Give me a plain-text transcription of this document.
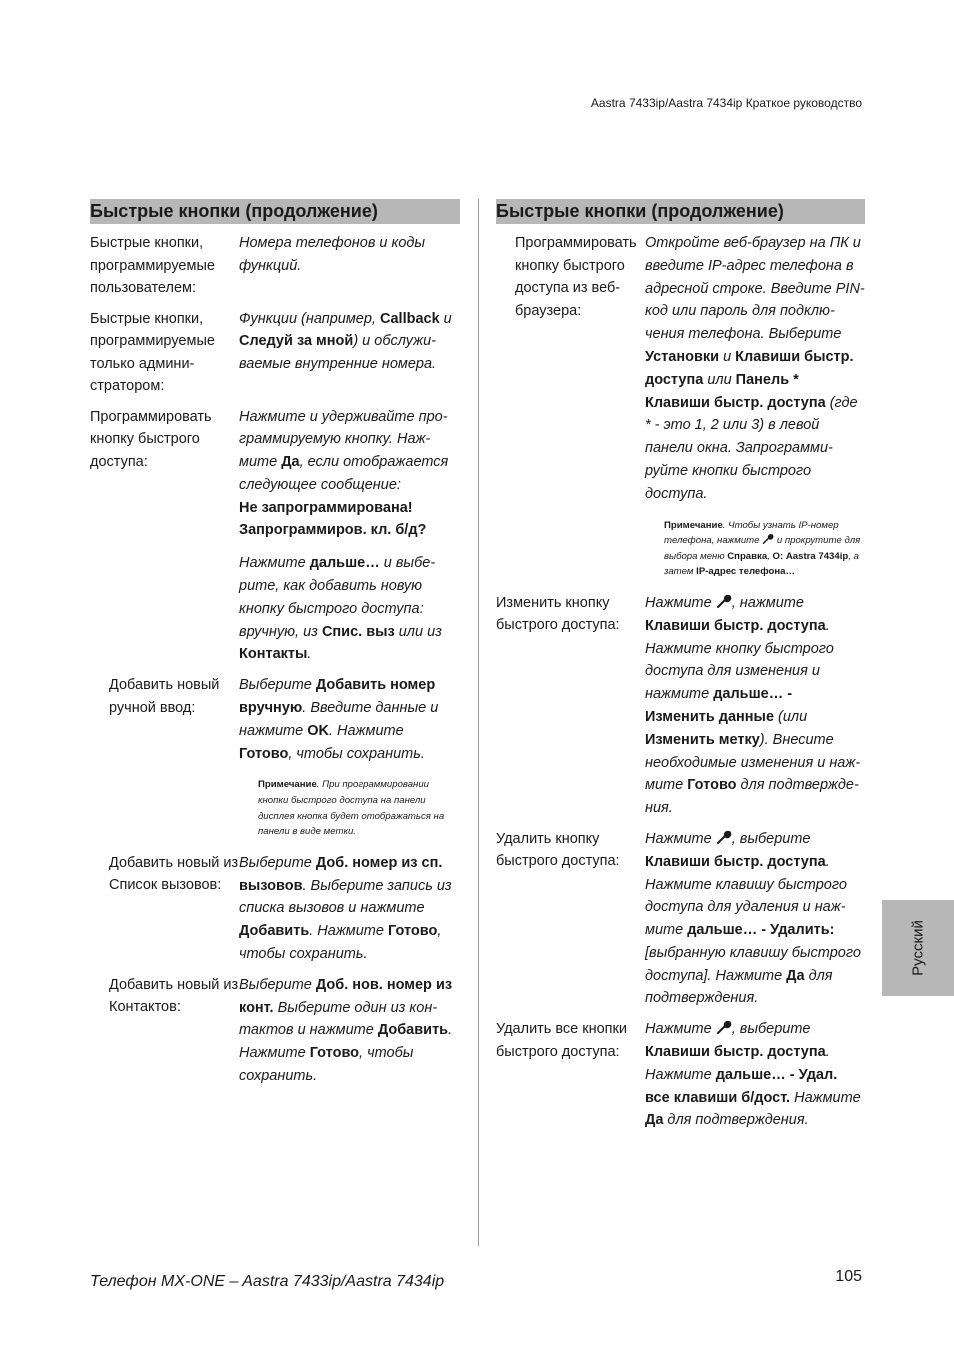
Aastra 7433ip/Aastra 7434ip Краткое руководство
Быстрые кнопки (продолжение)
Быстрые кнопки, программируемые пользователем:
Номера телефонов и коды функций.
Быстрые кнопки, программируемые только администратором:
Функции (например, Callback и Следуй за мной) и обслуживаемые внутренние номера.
Программировать кнопку быстрого доступа:
Нажмите и удерживайте программируемую кнопку. Нажмите Да, если отображается следующее сообщение:
Не запрограммирована! Запрограммиров. кл. б/д?
Нажмите дальше… и выберите, как добавить новую кнопку быстрого доступа: вручную, из Спис. выз или из Контакты.
Добавить новый ручной ввод:
Выберите Добавить номер вручную. Введите данные и нажмите OK. Нажмите Готово, чтобы сохранить.
Примечание. При программировании кнопки быстрого доступа на панели дисплея кнопка будет отображаться на панели в виде метки.
Добавить новый из Список вызовов:
Выберите Доб. номер из сп. вызовов. Выберите запись из списка вызовов и нажмите Добавить. Нажмите Готово, чтобы сохранить.
Добавить новый из Контактов:
Выберите Доб. нов. номер из конт. Выберите один из контактов и нажмите Добавить. Нажмите Готово, чтобы сохранить.
Быстрые кнопки (продолжение)
Программировать кнопку быстрого доступа из веб-браузера:
Откройте веб-браузер на ПК и введите IP-адрес телефона в адресной строке. Введите PIN-код или пароль для подключения телефона. Выберите Установки и Клавиши быстр. доступа или Панель * Клавиши быстр. доступа (где * - это 1, 2 или 3) в левой панели окна. Запрограммируйте кнопки быстрого доступа.
Примечание. Чтобы узнать IP-номер телефона, нажмите  и прокрутите для выбора меню Справка, О: Aastra 7434ip, а затем IP-адрес телефона…
Изменить кнопку быстрого доступа:
Нажмите , нажмите Клавиши быстр. доступа. Нажмите кнопку быстрого доступа для изменения и нажмите дальше… - Изменить данные (или Изменить метку). Внесите необходимые изменения и нажмите Готово для подтверждения.
Удалить кнопку быстрого доступа:
Нажмите , выберите Клавиши быстр. доступа. Нажмите клавишу быстрого доступа для удаления и нажмите дальше… - Удалить: [выбранную клавишу быстрого доступа]. Нажмите Да для подтверждения.
Удалить все кнопки быстрого доступа:
Нажмите , выберите Клавиши быстр. доступа. Нажмите дальше… - Удал. все клавиши б/дост. Нажмите Да для подтверждения.
Русский
Телефон MX-ONE – Aastra 7433ip/Aastra 7434ip	105
